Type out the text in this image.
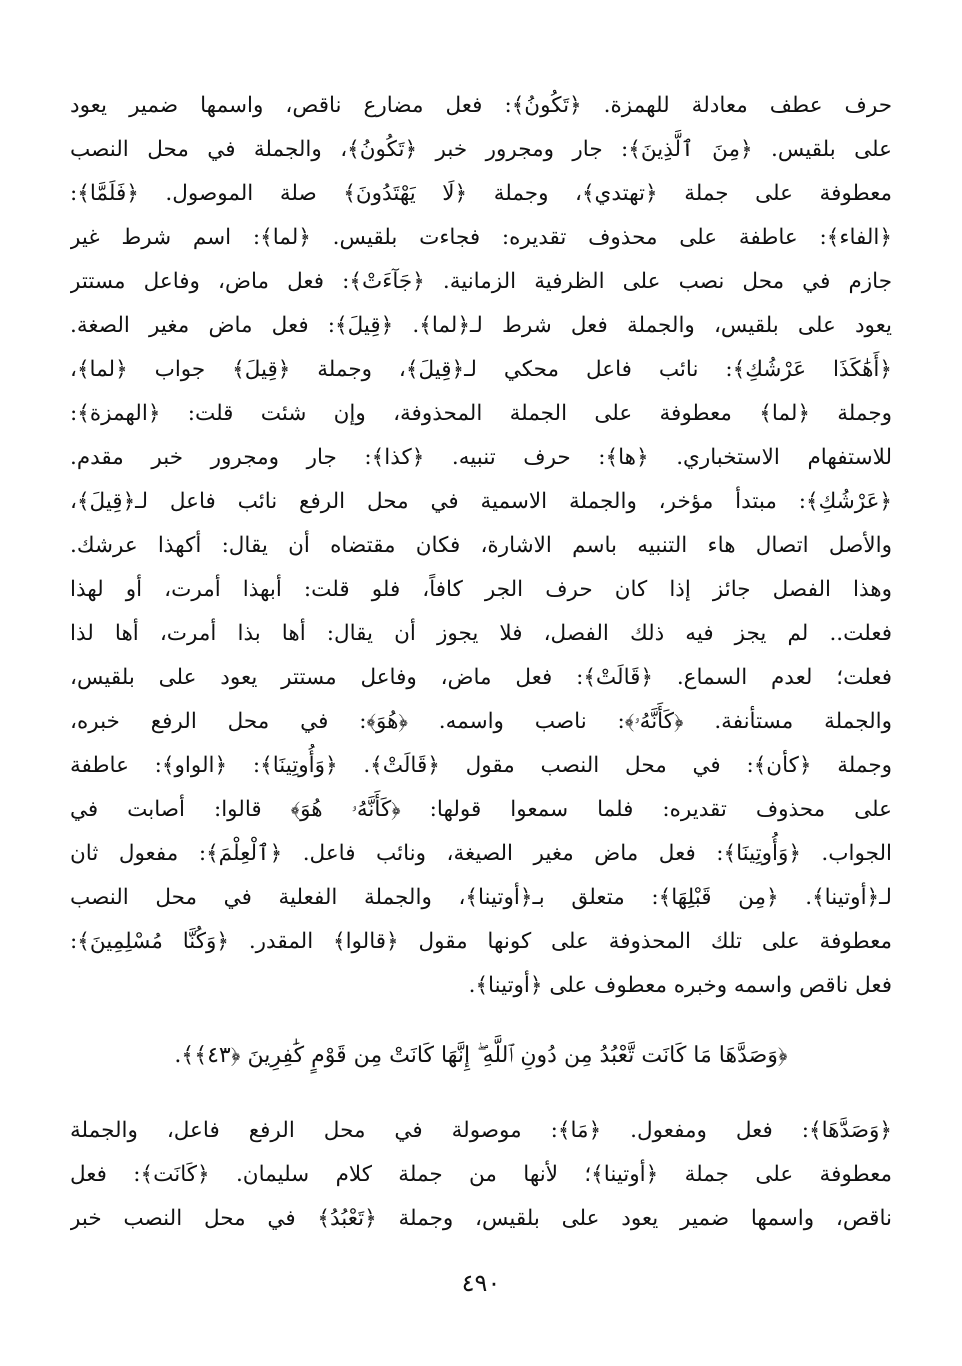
حرف عطف معادلة للهمزة. ﴿تَكُونُ﴾: فعل مضارع ناقص، واسمها ضمير يعود
على بلقيس. ﴿مِنَ ٱلَّذِينَ﴾: جار ومجرور خبر ﴿تَكُونُ﴾، والجملة في محل النصب
معطوفة على جملة ﴿تهتدي﴾، وجملة ﴿لَا يَهْتَدُونَ﴾ صلة الموصول. ﴿فَلَمَّا﴾:
﴿الفاء﴾: عاطفة على محذوف تقديره: فجاءت بلقيس. ﴿لما﴾: اسم شرط غير
جازم في محل نصب على الظرفية الزمانية. ﴿جَآءَتْ﴾: فعل ماض، وفاعل مستتر
يعود على بلقيس، والجملة فعل شرط لـ﴿لما﴾. ﴿قِيلَ﴾: فعل ماض مغير الصغة.
﴿أَهَٰكَذَا عَرْشُكِ﴾: نائب فاعل محكي لـ﴿قِيلَ﴾، وجملة ﴿قِيلَ﴾ جواب ﴿لما﴾،
وجملة ﴿لما﴾ معطوفة على الجملة المحذوفة، وإن شئت قلت: ﴿الهمزة﴾:
للاستفهام الاستخباري. ﴿ها﴾: حرف تنبيه. ﴿كذا﴾: جار ومجرور خبر مقدم.
﴿عَرْشُكِ﴾: مبتدأ مؤخر، والجملة الاسمية في محل الرفع نائب فاعل لـ﴿قِيلَ﴾،
والأصل اتصال هاء التنبيه باسم الاشارة، فكان مقتضاه أن يقال: أكهذا عرشك.
وهذا الفصل جائز إذا كان حرف الجر كافاً، فلو قلت: أبهذا أمرت، أو لهذا
فعلت.. لم يجز فيه ذلك الفصل، فلا يجوز أن يقال: أها بذا أمرت، أها لذا
فعلت؛ لعدم السماع. ﴿قَالَتْ﴾: فعل ماض، وفاعل مستتر يعود على بلقيس،
والجملة مستأنفة. ﴿كَأَنَّهُۥ﴾: ناصب واسمه. ﴿هُوَ﴾: في محل الرفع خبره،
وجملة ﴿كأن﴾: في محل النصب مقول ﴿قَالَتْ﴾. ﴿وَأُوتِينَا﴾: ﴿الواو﴾: عاطفة
على محذوف تقديره: فلما سمعوا قولها: ﴿كَأَنَّهُۥ هُوَ﴾ قالوا: أصابت في
الجواب. ﴿وَأُوتِينَا﴾: فعل ماض مغير الصيغة، ونائب فاعل. ﴿ٱلْعِلْمَ﴾: مفعول ثان
لـ﴿أوتينا﴾. ﴿مِن قَبْلِهَا﴾: متعلق بـ﴿أوتينا﴾، والجملة الفعلية في محل النصب
معطوفة على تلك المحذوفة على كونها مقول ﴿قالوا﴾ المقدر. ﴿وَكُنَّا مُسْلِمِينَ﴾:
فعل ناقص واسمه وخبره معطوف على ﴿أوتينا﴾.
﴿وَصَدَّهَا مَا كَانَت تَّعْبُدُ مِن دُونِ ٱللَّهِ ۖ إِنَّهَا كَانَتْ مِن قَوْمٍ كَٰفِرِينَ ﴿٤٣﴾﴾.
﴿وَصَدَّهَا﴾: فعل ومفعول. ﴿مَا﴾: موصولة في محل الرفع فاعل، والجملة
معطوفة على جملة ﴿أوتينا﴾؛ لأنها من جملة كلام سليمان. ﴿كَانَت﴾: فعل
ناقص، واسمها ضمير يعود على بلقيس، وجملة ﴿تَعْبُدُ﴾ في محل النصب خبر
٤٩٠
